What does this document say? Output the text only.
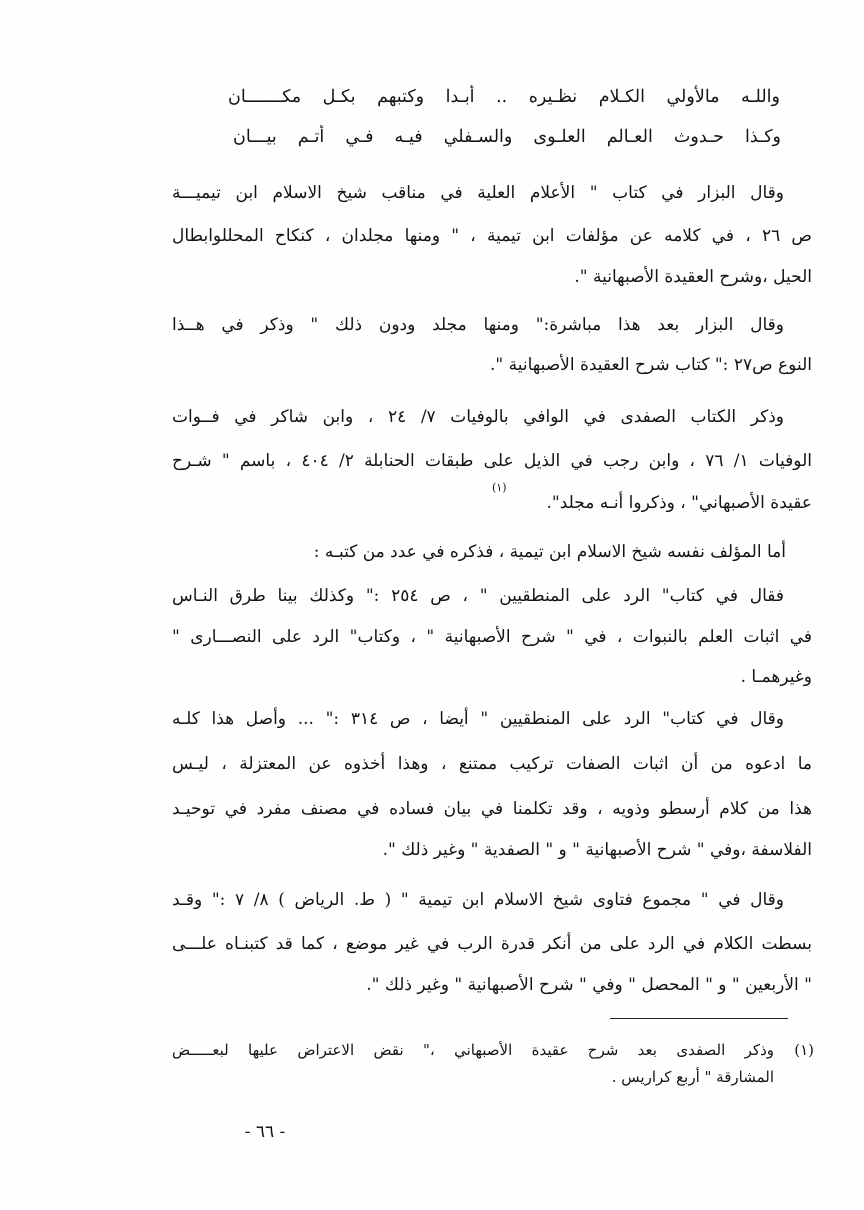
واللـه مالأولي الكـلام نظـيره .. أبـدا وكتبهم بكـل مكـــــــان
وكـذا حـدوث العـالم العلـوى والسـفلي فيـه فـي أتـم بيـــان
وقال البزار في كتاب " الأعلام العلية في مناقب شيخ الاسلام ابن تيميـــة
ص ٢٦ ، في كلامه عن مؤلفات ابن تيمية ، " ومنها مجلدان ، كنكاح المحللوابطال
الحيل ،وشرح العقيدة الأصبهانية ".
وقال البزار بعد هذا مباشرة:" ومنها مجلد ودون ذلك " وذكر في هــذا
النوع ص٢٧ :" كتاب شرح العقيدة الأصبهانية ".
وذكر الكتاب الصفدى في الوافي بالوفيات ٧/ ٢٤ ، وابن شاكر في فــوات
الوفيات ١/ ٧٦ ، وابن رجب في الذيل على طبقات الحنابلة ٢/ ٤٠٤ ، باسم " شـرح
عقيدة الأصبهاني" ، وذكروا أنـه مجلد".
(١)
أما المؤلف نفسه شيخ الاسلام ابن تيمية ، فذكره في عدد من كتبـه :
فقال في كتاب" الرد على المنطقيين " ، ص ٢٥٤ :" وكذلك بينا طرق النـاس
في اثبات العلم بالنبوات ، في " شرح الأصبهانية " ، وكتاب" الرد على النصـــارى "
وغيرهمـا .
وقال في كتاب" الرد على المنطقيين " أيضا ، ص ٣١٤ :" ... وأصل هذا كلـه
ما ادعوه من أن اثبات الصفات تركيب ممتنع ، وهذا أخذوه عن المعتزلة ، ليـس
هذا من كلام أرسطو وذويه ، وقد تكلمنا في بيان فساده في مصنف مفرد في توحيـد
الفلاسفة ،وفي " شرح الأصبهانية " و " الصفدية " وغير ذلك ".
وقال في " مجموع فتاوى شيخ الاسلام ابن تيمية " ( ط. الرياض ) ٨/ ٧ :" وقـد
بسطت الكلام في الرد على من أنكر قدرة الرب في غير موضع ، كما قد كتبنـاه علـــى
" الأربعين " و " المحصل " وفي " شرح الأصبهانية " وغير ذلك ".
(١)
وذكر الصفدى بعد شرح عقيدة الأصبهاني ،" نقض الاعتراض عليها لبعـــــض
المشارقة " أربع كراريس .
- ٦٦ -
